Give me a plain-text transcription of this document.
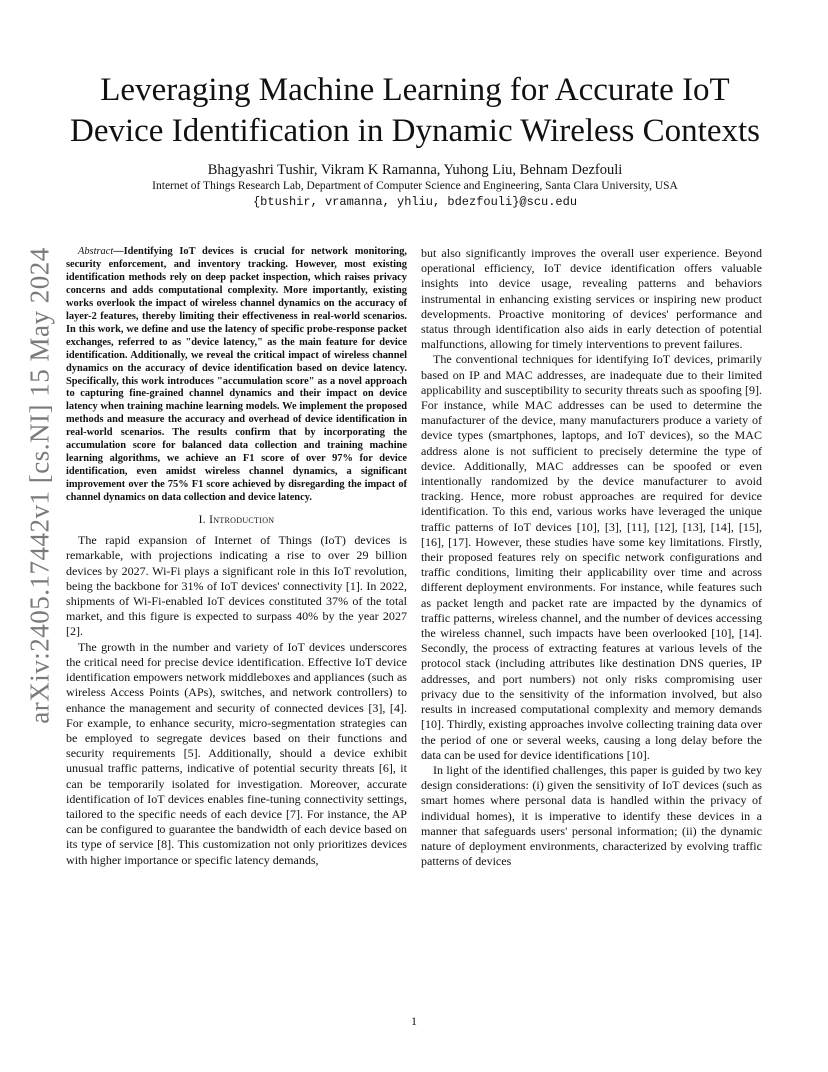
arXiv:2405.17442v1 [cs.NI] 15 May 2024
Leveraging Machine Learning for Accurate IoT Device Identification in Dynamic Wireless Contexts
Bhagyashri Tushir, Vikram K Ramanna, Yuhong Liu, Behnam Dezfouli
Internet of Things Research Lab, Department of Computer Science and Engineering, Santa Clara University, USA
{btushir, vramanna, yhliu, bdezfouli}@scu.edu

Abstract—Identifying IoT devices is crucial for network monitoring, security enforcement, and inventory tracking. However, most existing identification methods rely on deep packet inspection, which raises privacy concerns and adds computational complexity. More importantly, existing works overlook the impact of wireless channel dynamics on the accuracy of layer-2 features, thereby limiting their effectiveness in real-world scenarios. In this work, we define and use the latency of specific probe-response packet exchanges, referred to as "device latency," as the main feature for device identification. Additionally, we reveal the critical impact of wireless channel dynamics on the accuracy of device identification based on device latency. Specifically, this work introduces "accumulation score" as a novel approach to capturing fine-grained channel dynamics and their impact on device latency when training machine learning models. We implement the proposed methods and measure the accuracy and overhead of device identification in real-world scenarios. The results confirm that by incorporating the accumulation score for balanced data collection and training machine learning algorithms, we achieve an F1 score of over 97% for device identification, even amidst wireless channel dynamics, a significant improvement over the 75% F1 score achieved by disregarding the impact of channel dynamics on data collection and device latency.

I. Introduction

The rapid expansion of Internet of Things (IoT) devices is remarkable, with projections indicating a rise to over 29 billion devices by 2027. Wi-Fi plays a significant role in this IoT revolution, being the backbone for 31% of IoT devices' connectivity [1]. In 2022, shipments of Wi-Fi-enabled IoT devices constituted 37% of the total market, and this figure is expected to surpass 40% by the year 2027 [2].

The growth in the number and variety of IoT devices underscores the critical need for precise device identification. Effective IoT device identification empowers network middleboxes and appliances (such as wireless Access Points (APs), switches, and network controllers) to enhance the management and security of connected devices [3], [4]. For example, to enhance security, micro-segmentation strategies can be employed to segregate devices based on their functions and security requirements [5]. Additionally, should a device exhibit unusual traffic patterns, indicative of potential security threats [6], it can be temporarily isolated for investigation. Moreover, accurate identification of IoT devices enables fine-tuning connectivity settings, tailored to the specific needs of each device [7]. For instance, the AP can be configured to guarantee the bandwidth of each device based on its type of service [8]. This customization not only prioritizes devices with higher importance or specific latency demands,

but also significantly improves the overall user experience. Beyond operational efficiency, IoT device identification offers valuable insights into device usage, revealing patterns and behaviors instrumental in enhancing existing services or inspiring new product developments. Proactive monitoring of devices' performance and status through identification also aids in early detection of potential malfunctions, allowing for timely interventions to prevent failures.

The conventional techniques for identifying IoT devices, primarily based on IP and MAC addresses, are inadequate due to their limited applicability and susceptibility to security threats such as spoofing [9]. For instance, while MAC addresses can be used to determine the manufacturer of the device, many manufacturers produce a variety of device types (smartphones, laptops, and IoT devices), so the MAC address alone is not sufficient to precisely determine the type of device. Additionally, MAC addresses can be spoofed or even intentionally randomized by the device manufacturer to avoid tracking. Hence, more robust approaches are required for device identification. To this end, various works have leveraged the unique traffic patterns of IoT devices [10], [3], [11], [12], [13], [14], [15], [16], [17]. However, these studies have some key limitations. Firstly, their proposed features rely on specific network configurations and traffic conditions, limiting their applicability over time and across different deployment environments. For instance, while features such as packet length and packet rate are impacted by the dynamics of traffic patterns, wireless channel, and the number of devices accessing the wireless channel, such impacts have been overlooked [10], [14]. Secondly, the process of extracting features at various levels of the protocol stack (including attributes like destination DNS queries, IP addresses, and port numbers) not only risks compromising user privacy due to the sensitivity of the information involved, but also results in increased computational complexity and memory demands [10]. Thirdly, existing approaches involve collecting training data over the period of one or several weeks, causing a long delay before the data can be used for device identifications [10].

In light of the identified challenges, this paper is guided by two key design considerations: (i) given the sensitivity of IoT devices (such as smart homes where personal data is handled within the privacy of individual homes), it is imperative to identify these devices in a manner that safeguards users' personal information; (ii) the dynamic nature of deployment environments, characterized by evolving traffic patterns of devices

1
